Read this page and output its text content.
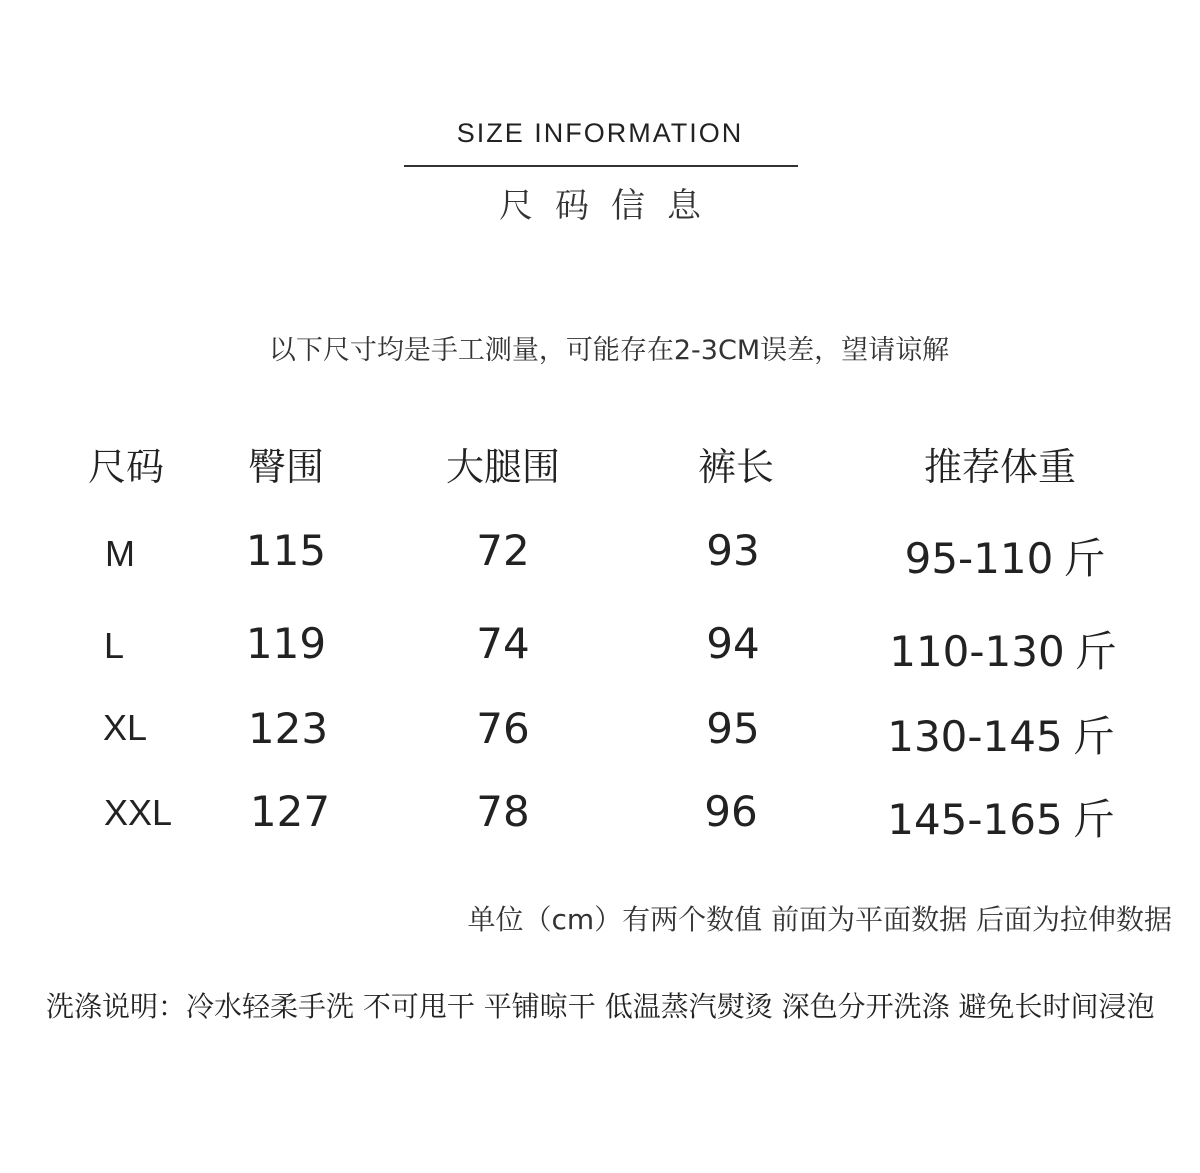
SIZE INFORMATION
尺码信息
以下尺寸均是手工测量，可能存在2-3CM误差，望请谅解
尺码	臀围	大腿围	裤长	推荐体重
M	115	72	93	95-110 斤
L	119	74	94	110-130 斤
XL	123	76	95	130-145 斤
XXL	127	78	96	145-165 斤
单位（cm）有两个数值 前面为平面数据 后面为拉伸数据
洗涤说明：冷水轻柔手洗 不可甩干 平铺晾干 低温蒸汽熨烫 深色分开洗涤 避免长时间浸泡
